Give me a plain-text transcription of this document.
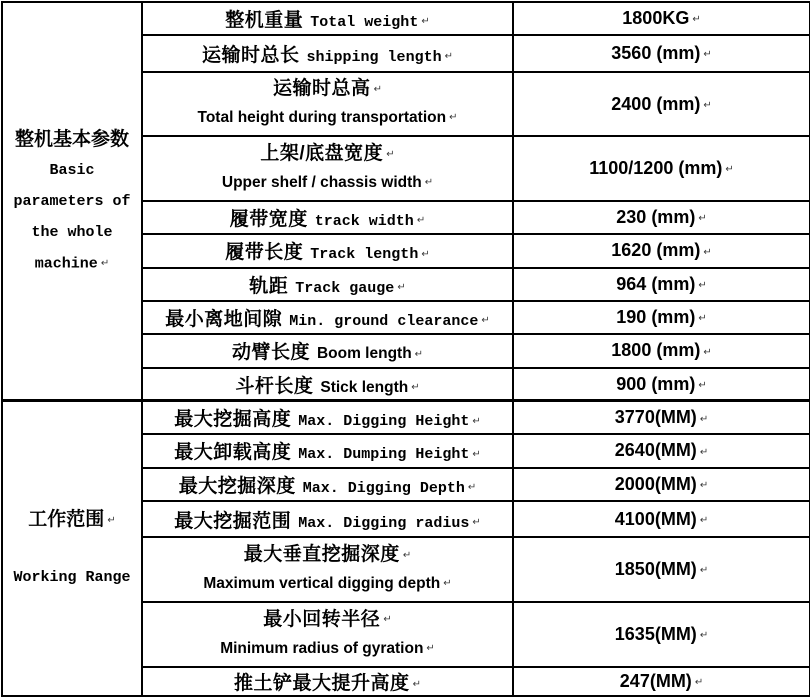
整机基本参数
Basic
parameters of
the whole
machine ↵	整机重量 Total weight ↵	1800KG ↵
	运输时总长 shipping length ↵	3560 (mm) ↵

	运输时总高 ↵
Total height during transportation ↵	2400 (mm) ↵

	上架/底盘宽度 ↵
Upper shelf / chassis width ↵	1100/1200 (mm) ↵
	履带宽度 track width ↵	230 (mm) ↵
	履带长度 Track length ↵	1620 (mm) ↵
	轨距 Track gauge ↵	964 (mm) ↵
	最小离地间隙 Min. ground clearance ↵	190 (mm) ↵
	动臂长度 Boom length ↵	1800 (mm) ↵
	斗杆长度 Stick length ↵	900 (mm) ↵

工作范围 ↵
Working Range	最大挖掘高度 Max. Digging Height ↵	3770(MM) ↵
	最大卸载高度 Max. Dumping Height ↵	2640(MM) ↵
	最大挖掘深度 Max. Digging Depth ↵	2000(MM) ↵
	最大挖掘范围 Max. Digging radius ↵	4100(MM) ↵

	最大垂直挖掘深度 ↵
Maximum vertical digging depth ↵	1850(MM) ↵

	最小回转半径 ↵
Minimum radius of gyration ↵	1635(MM) ↵
	推土铲最大提升高度 ↵	247(MM) ↵
